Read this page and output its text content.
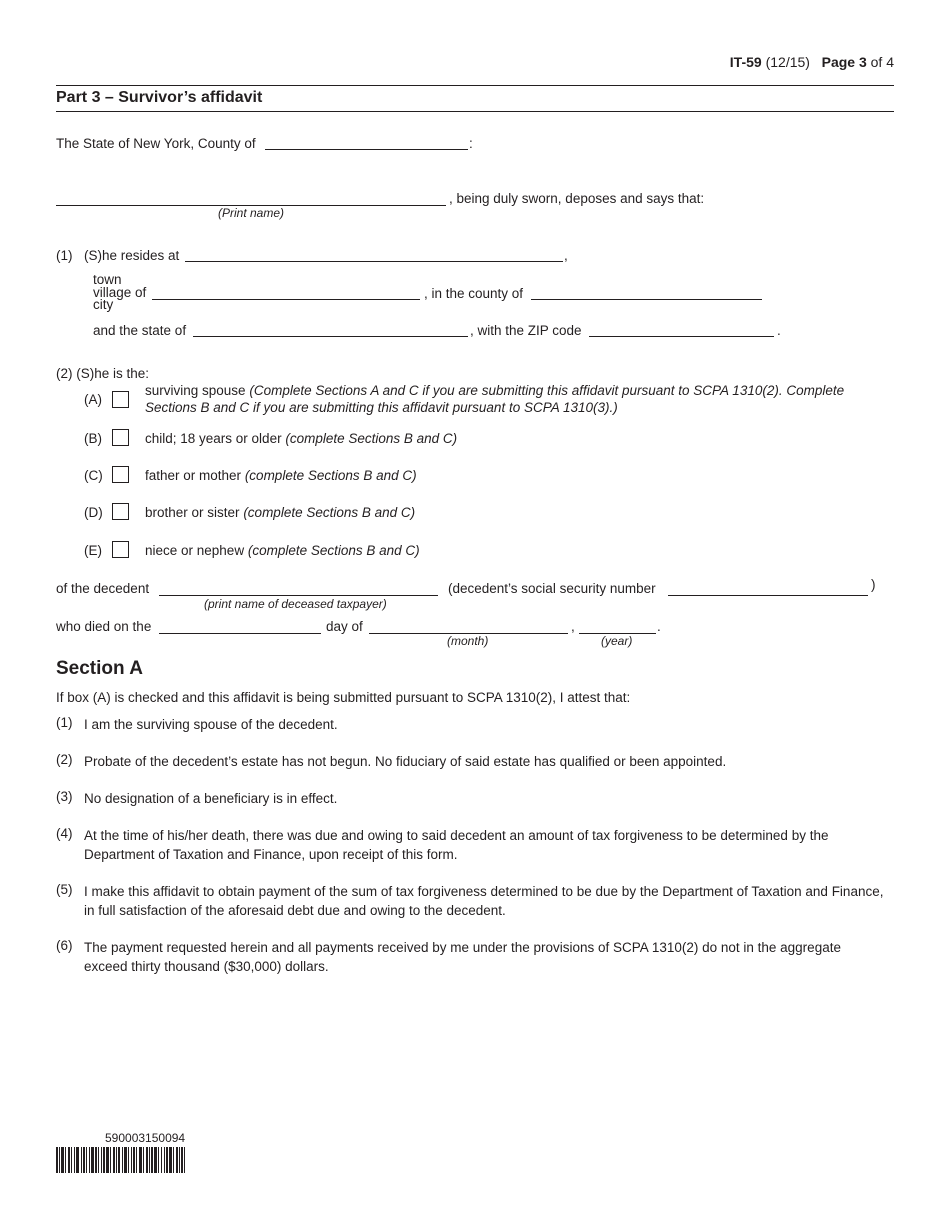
IT-59 (12/15) Page 3 of 4
Part 3 – Survivor’s affidavit
The State of New York, County of	:
, being duly sworn, deposes and says that:
(Print name)
(1) (S)he resides at	,
town
village of
city
, in the county of
and the state of	, with the ZIP code	.
(2) (S)he is the:
(A)
surviving spouse (Complete Sections A and C if you are submitting this affidavit pursuant to SCPA 1310(2). Complete
Sections B and C if you are submitting this affidavit pursuant to SCPA 1310(3).)
(B)	child; 18 years or older (complete Sections B and C)
(C)	father or mother (complete Sections B and C)
(D)	brother or sister (complete Sections B and C)
(E)	niece or nephew (complete Sections B and C)
of the decedent	(decedent’s social security number	)
(print name of deceased taxpayer)
who died on the	day of	,	.
(month)	(year)
Section A
If box (A) is checked and this affidavit is being submitted pursuant to SCPA 1310(2), I attest that:
(1) I am the surviving spouse of the decedent.
(2) Probate of the decedent’s estate has not begun. No fiduciary of said estate has qualified or been appointed.
(3) No designation of a beneficiary is in effect.
(4) At the time of his/her death, there was due and owing to said decedent an amount of tax forgiveness to be determined by the Department of Taxation and Finance, upon receipt of this form.
(5) I make this affidavit to obtain payment of the sum of tax forgiveness determined to be due by the Department of Taxation and Finance, in full satisfaction of the aforesaid debt due and owing to the decedent.
(6) The payment requested herein and all payments received by me under the provisions of SCPA 1310(2) do not in the aggregate exceed thirty thousand ($30,000) dollars.
590003150094
